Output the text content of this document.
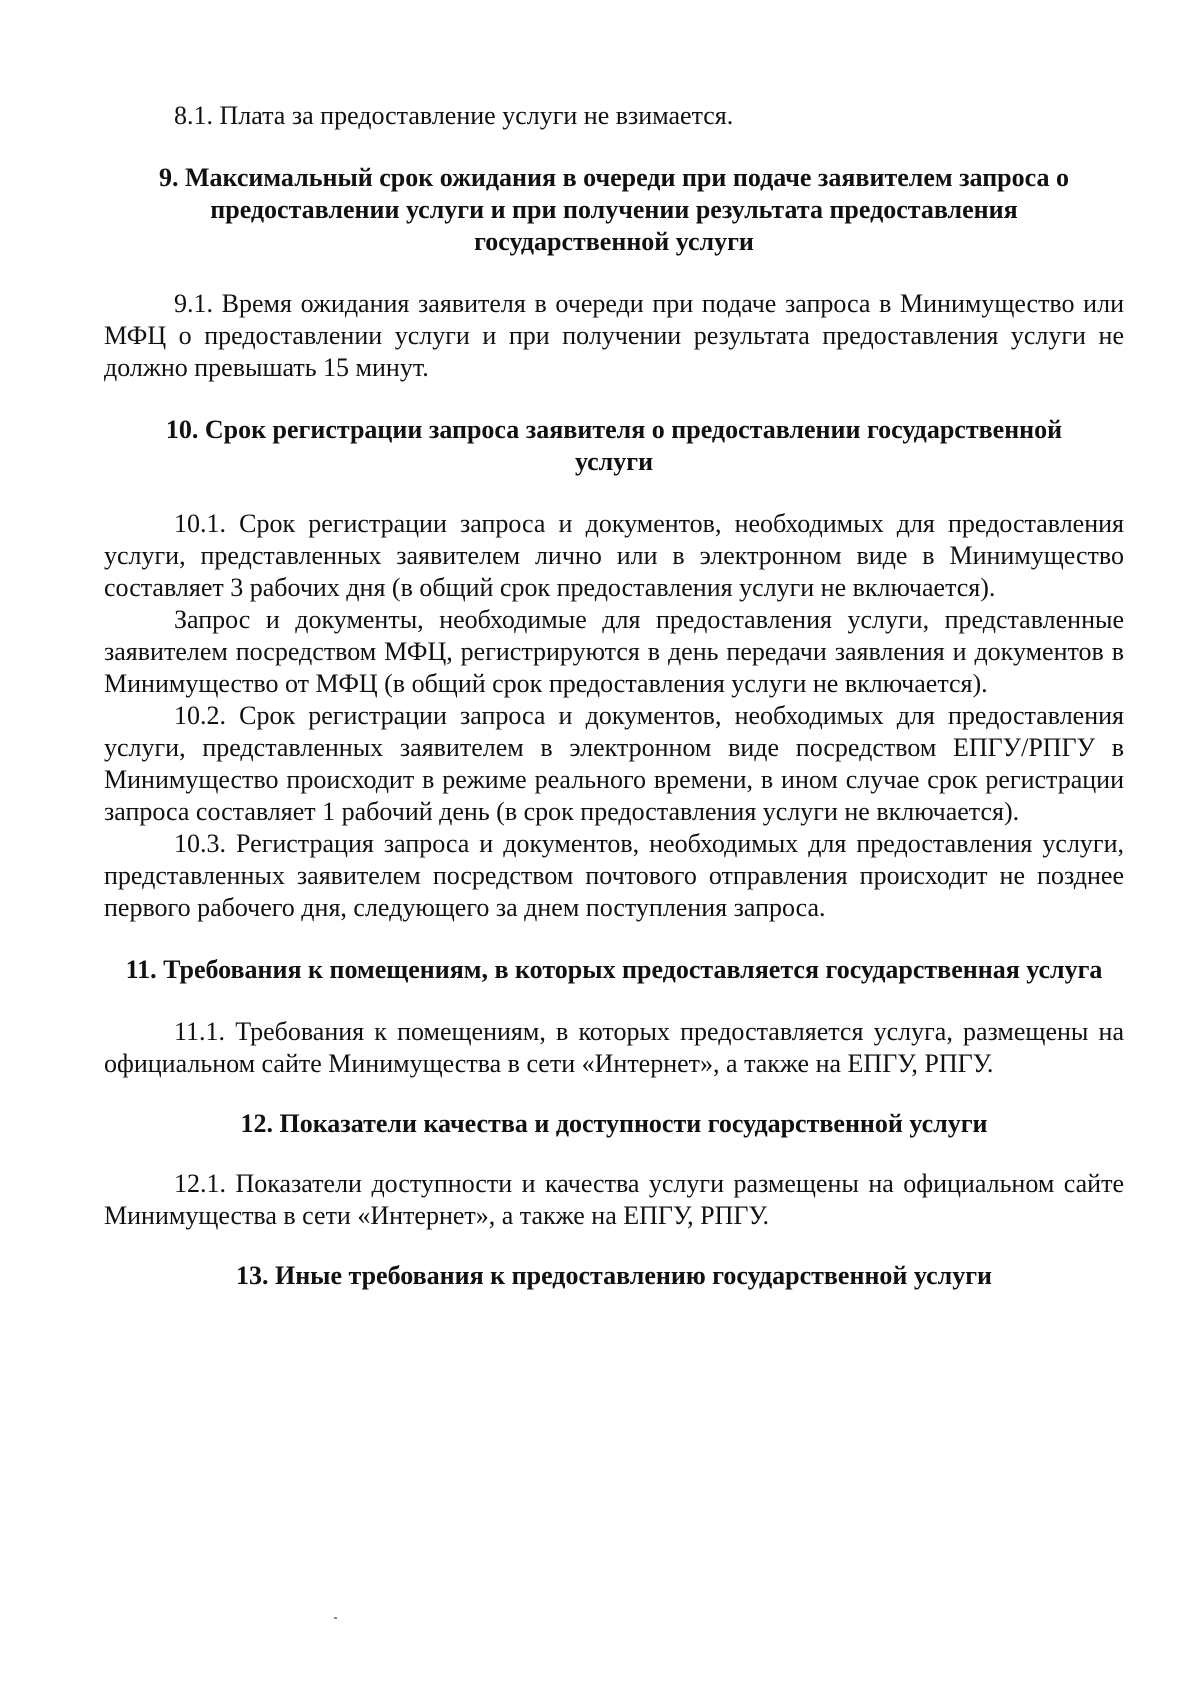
8.1. Плата за предоставление услуги не взимается.

9. Максимальный срок ожидания в очереди при подаче заявителем запроса о предоставлении услуги и при получении результата предоставления государственной услуги

9.1. Время ожидания заявителя в очереди при подаче запроса в Минимущество или МФЦ о предоставлении услуги и при получении результата предоставления услуги не должно превышать 15 минут.

10. Срок регистрации запроса заявителя о предоставлении государственной услуги

10.1. Срок регистрации запроса и документов, необходимых для предоставления услуги, представленных заявителем лично или в электронном виде в Минимущество составляет 3 рабочих дня (в общий срок предоставления услуги не включается).

Запрос и документы, необходимые для предоставления услуги, представленные заявителем посредством МФЦ, регистрируются в день передачи заявления и документов в Минимущество от МФЦ (в общий срок предоставления услуги не включается).

10.2. Срок регистрации запроса и документов, необходимых для предоставления услуги, представленных заявителем в электронном виде посредством ЕПГУ/РПГУ в Минимущество происходит в режиме реального времени, в ином случае срок регистрации запроса составляет 1 рабочий день (в срок предоставления услуги не включается).

10.3. Регистрация запроса и документов, необходимых для предоставления услуги, представленных заявителем посредством почтового отправления происходит не позднее первого рабочего дня, следующего за днем поступления запроса.

11. Требования к помещениям, в которых предоставляется государственная услуга

11.1. Требования к помещениям, в которых предоставляется услуга, размещены на официальном сайте Минимущества в сети «Интернет», а также на ЕПГУ, РПГУ.

12. Показатели качества и доступности государственной услуги

12.1. Показатели доступности и качества услуги размещены на официальном сайте Минимущества в сети «Интернет», а также на ЕПГУ, РПГУ.

13. Иные требования к предоставлению государственной услуги
